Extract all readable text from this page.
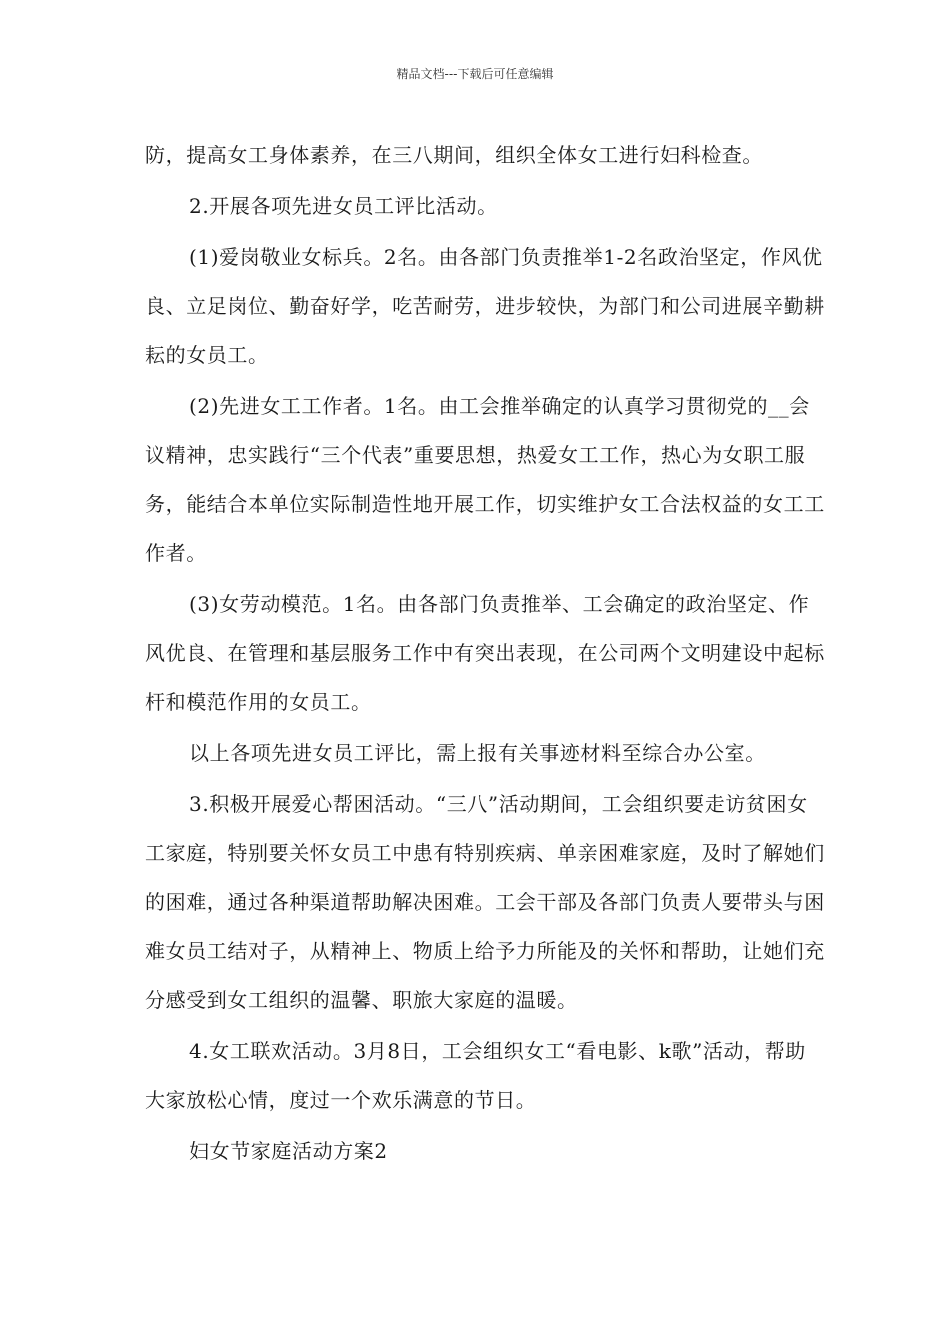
精品文档---下载后可任意编辑

防，提高女工身体素养，在三八期间，组织全体女工进行妇科检查。

2.开展各项先进女员工评比活动。

(1)爱岗敬业女标兵。2名。由各部门负责推举1-2名政治坚定，作风优良、立足岗位、勤奋好学，吃苦耐劳，进步较快，为部门和公司进展辛勤耕耘的女员工。

(2)先进女工工作者。1名。由工会推举确定的认真学习贯彻党的__会议精神，忠实践行“三个代表”重要思想，热爱女工工作，热心为女职工服务，能结合本单位实际制造性地开展工作，切实维护女工合法权益的女工工作者。

(3)女劳动模范。1名。由各部门负责推举、工会确定的政治坚定、作风优良、在管理和基层服务工作中有突出表现，在公司两个文明建设中起标杆和模范作用的女员工。

以上各项先进女员工评比，需上报有关事迹材料至综合办公室。

3.积极开展爱心帮困活动。“三八”活动期间，工会组织要走访贫困女工家庭，特别要关怀女员工中患有特别疾病、单亲困难家庭，及时了解她们的困难，通过各种渠道帮助解决困难。工会干部及各部门负责人要带头与困难女员工结对子，从精神上、物质上给予力所能及的关怀和帮助，让她们充分感受到女工组织的温馨、职旅大家庭的温暖。

4.女工联欢活动。3月8日，工会组织女工“看电影、k歌”活动，帮助大家放松心情，度过一个欢乐满意的节日。

妇女节家庭活动方案2
